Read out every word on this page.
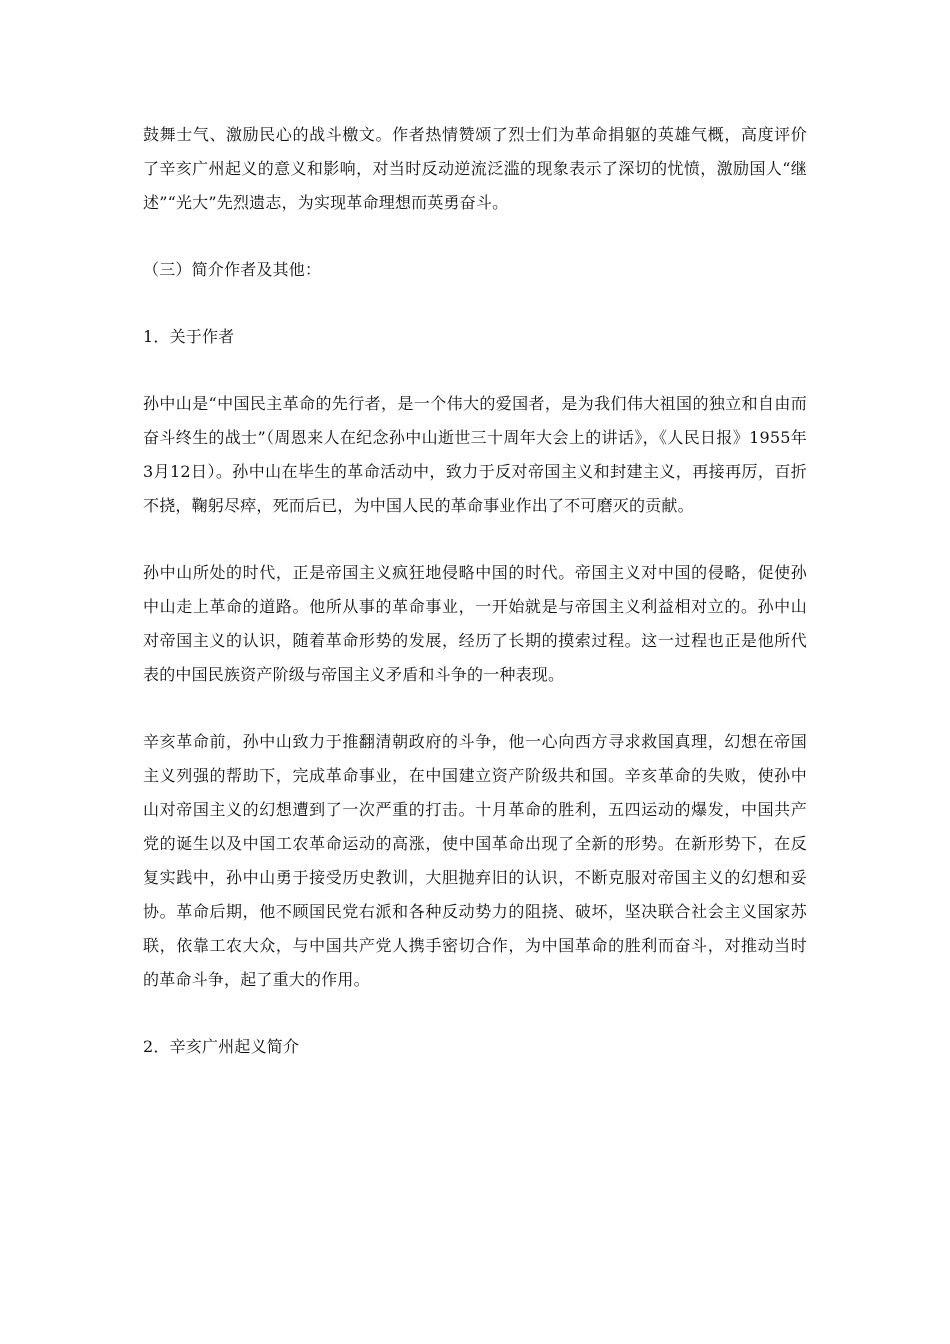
鼓舞士气、激励民心的战斗檄文。作者热情赞颂了烈士们为革命捐躯的英雄气概，高度评价了辛亥广州起义的意义和影响，对当时反动逆流泛滥的现象表示了深切的忧愤，激励国人“继述”“光大”先烈遗志，为实现革命理想而英勇奋斗。

（三）简介作者及其他：

1．关于作者

孙中山是“中国民主革命的先行者，是一个伟大的爱国者，是为我们伟大祖国的独立和自由而奋斗终生的战士”（周恩来人在纪念孙中山逝世三十周年大会上的讲话》，《人民日报》1955年3月12日）。孙中山在毕生的革命活动中，致力于反对帝国主义和封建主义，再接再厉，百折不挠，鞠躬尽瘁，死而后已，为中国人民的革命事业作出了不可磨灭的贡献。

孙中山所处的时代，正是帝国主义疯狂地侵略中国的时代。帝国主义对中国的侵略，促使孙中山走上革命的道路。他所从事的革命事业，一开始就是与帝国主义利益相对立的。孙中山对帝国主义的认识，随着革命形势的发展，经历了长期的摸索过程。这一过程也正是他所代表的中国民族资产阶级与帝国主义矛盾和斗争的一种表现。

辛亥革命前，孙中山致力于推翻清朝政府的斗争，他一心向西方寻求救国真理，幻想在帝国主义列强的帮助下，完成革命事业，在中国建立资产阶级共和国。辛亥革命的失败，使孙中山对帝国主义的幻想遭到了一次严重的打击。十月革命的胜利，五四运动的爆发，中国共产党的诞生以及中国工农革命运动的高涨，使中国革命出现了全新的形势。在新形势下，在反复实践中，孙中山勇于接受历史教训，大胆抛弃旧的认识，不断克服对帝国主义的幻想和妥协。革命后期，他不顾国民党右派和各种反动势力的阻挠、破坏，坚决联合社会主义国家苏联，依靠工农大众，与中国共产党人携手密切合作，为中国革命的胜利而奋斗，对推动当时的革命斗争，起了重大的作用。

2．辛亥广州起义简介
